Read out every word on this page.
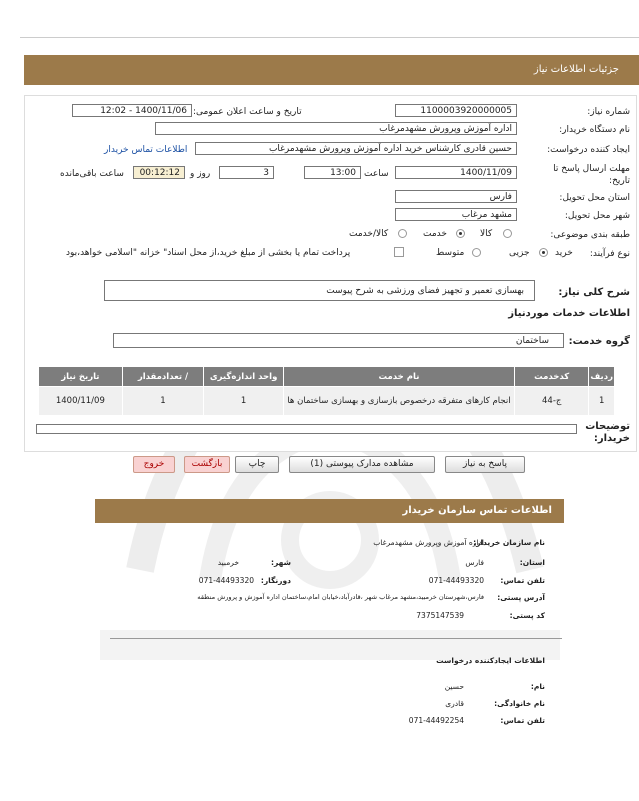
جزئیات اطلاعات نیاز
شماره نیاز:
1100003920000005
تاریخ و ساعت اعلان عمومی:
1400/11/06 - 12:02
نام دستگاه خریدار:
اداره آموزش وپرورش مشهدمرغاب
ایجاد کننده درخواست:
حسین قادری کارشناس خرید اداره آموزش وپرورش مشهدمرغاب
اطلاعات تماس خریدار
مهلت ارسال پاسخ تا تاریخ:
1400/11/09
ساعت
13:00
3
روز و
00:12:12
ساعت باقی‌مانده
استان محل تحویل:
فارس
شهر محل تحویل:
مشهد مرغاب
طبقه بندی موضوعی:
کالا
خدمت
کالا/خدمت
نوع فرآیند:
خرید
جزیی
متوسط
پرداخت تمام یا بخشی از مبلغ خرید،از محل اسناد" خزانه "اسلامی خواهد،بود
شرح کلی نیاز:
بهسازی تعمیر و تجهیز فضای ورزشی به شرح پیوست
اطلاعات خدمات موردنیاز
گروه خدمت:
ساختمان
ردیف	کدخدمت	نام خدمت	واحد اندازه‌گیری	/ تعدادمقدار	تاریخ نیاز
1	ج-44	انجام کارهای متفرقه درخصوص بازسازی و بهسازی ساختمان ها	1	1	1400/11/09
توضیحات خریدار:
پاسخ به نیاز
مشاهده مدارک پیوستی (1)
چاپ
بازگشت
خروج
اطلاعات تماس سازمان خریدار
نام سازمان خریدار:
اداره آموزش وپرورش مشهدمرغاب
استان:
فارس
شهر:
خرمبید
تلفن تماس:
071-44493320
دورنگار:
071-44493320
آدرس پستی:
فارس،شهرستان خرمبید،مشهد مرغاب شهر ،قادرآباد،خیابان امام،ساختمان اداره آموزش و پرورش منطقه
کد پستی:
7375147539
اطلاعات ایجادکننده درخواست
نام:
حسین
نام خانوادگی:
قادری
تلفن تماس:
071-44492254
